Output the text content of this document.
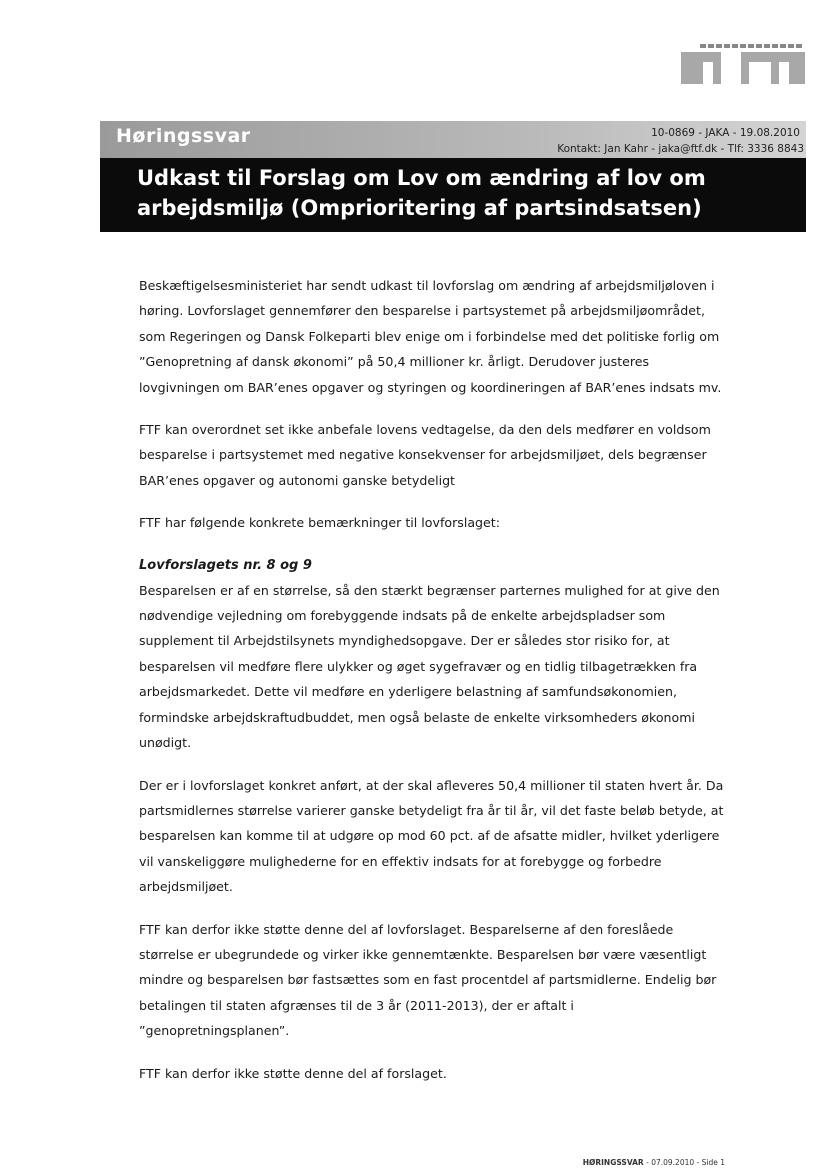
Høringssvar	10-0869 - JAKA - 19.08.2010
Kontakt: Jan Kahr - jaka@ftf.dk - Tlf: 3336 8843
Udkast til Forslag om Lov om ændring af lov om arbejdsmiljø (Omprioritering af partsindsatsen)

Beskæftigelsesministeriet har sendt udkast til lovforslag om ændring af arbejdsmiljøloven i høring. Lovforslaget gennemfører den besparelse i partsystemet på arbejdsmiljøområdet, som Regeringen og Dansk Folkeparti blev enige om i forbindelse med det politiske forlig om ”Genopretning af dansk økonomi” på 50,4 millioner kr. årligt. Derudover justeres lovgivningen om BAR’enes opgaver og styringen og koordineringen af BAR’enes indsats mv.

FTF kan overordnet set ikke anbefale lovens vedtagelse, da den dels medfører en voldsom besparelse i partsystemet med negative konsekvenser for arbejdsmiljøet, dels begrænser BAR’enes opgaver og autonomi ganske betydeligt

FTF har følgende konkrete bemærkninger til lovforslaget:

Lovforslagets nr. 8 og 9

Besparelsen er af en størrelse, så den stærkt begrænser parternes mulighed for at give den nødvendige vejledning om forebyggende indsats på de enkelte arbejdspladser som supplement til Arbejdstilsynets myndighedsopgave. Der er således stor risiko for, at besparelsen vil medføre flere ulykker og øget sygefravær og en tidlig tilbagetrækken fra arbejdsmarkedet. Dette vil medføre en yderligere belastning af samfundsøkonomien, formindske arbejdskraftudbuddet, men også belaste de enkelte virksomheders økonomi unødigt.

Der er i lovforslaget konkret anført, at der skal afleveres 50,4 millioner til staten hvert år. Da partsmidlernes størrelse varierer ganske betydeligt fra år til år, vil det faste beløb betyde, at besparelsen kan komme til at udgøre op mod 60 pct. af de afsatte midler, hvilket yderligere vil vanskeliggøre mulighederne for en effektiv indsats for at forebygge og forbedre arbejdsmiljøet.

FTF kan derfor ikke støtte denne del af lovforslaget. Besparelserne af den foreslåede størrelse er ubegrundede og virker ikke gennemtænkte. Besparelsen bør være væsentligt mindre og besparelsen bør fastsættes som en fast procentdel af partsmidlerne. Endelig bør betalingen til staten afgrænses til de 3 år (2011-2013), der er aftalt i ”genopretningsplanen”.

FTF kan derfor ikke støtte denne del af forslaget.

HØRINGSSVAR - 07.09.2010 - Side 1
